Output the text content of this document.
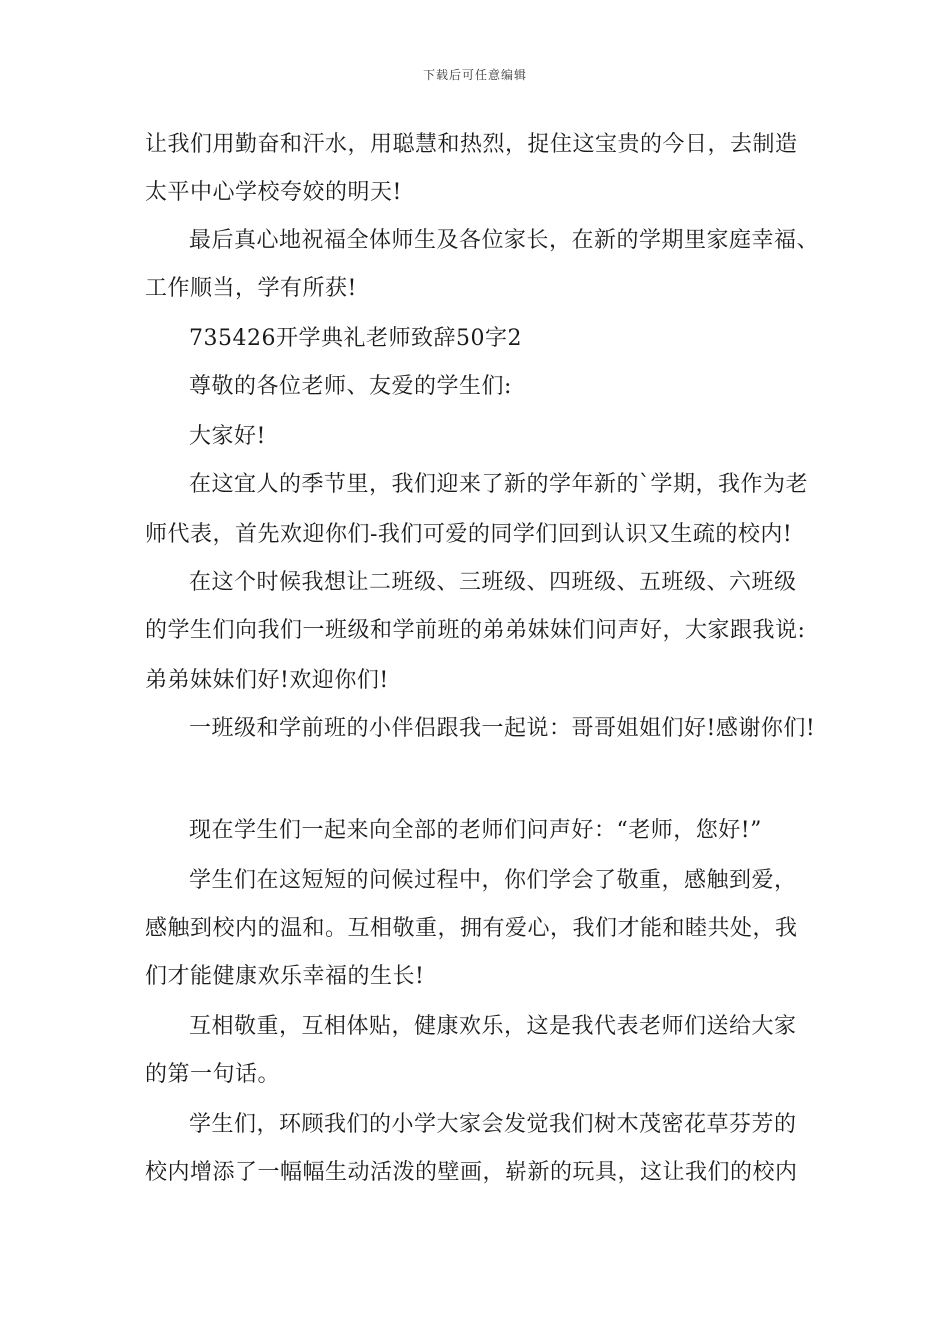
下载后可任意编辑
让我们用勤奋和汗水，用聪慧和热烈，捉住这宝贵的今日，去制造
太平中心学校夸姣的明天!
最后真心地祝福全体师生及各位家长，在新的学期里家庭幸福、
工作顺当，学有所获!
735426开学典礼老师致辞50字2
尊敬的各位老师、友爱的学生们:
大家好!
在这宜人的季节里，我们迎来了新的学年新的`学期，我作为老
师代表，首先欢迎你们-我们可爱的同学们回到认识又生疏的校内!
在这个时候我想让二班级、三班级、四班级、五班级、六班级
的学生们向我们一班级和学前班的弟弟妹妹们问声好，大家跟我说:
弟弟妹妹们好!欢迎你们!
一班级和学前班的小伴侣跟我一起说：哥哥姐姐们好!感谢你们!
现在学生们一起来向全部的老师们问声好：“老师，您好!”
学生们在这短短的问候过程中，你们学会了敬重，感触到爱，
感触到校内的温和。互相敬重，拥有爱心，我们才能和睦共处，我
们才能健康欢乐幸福的生长!
互相敬重，互相体贴，健康欢乐，这是我代表老师们送给大家
的第一句话。
学生们，环顾我们的小学大家会发觉我们树木茂密花草芬芳的
校内增添了一幅幅生动活泼的壁画，崭新的玩具，这让我们的校内
